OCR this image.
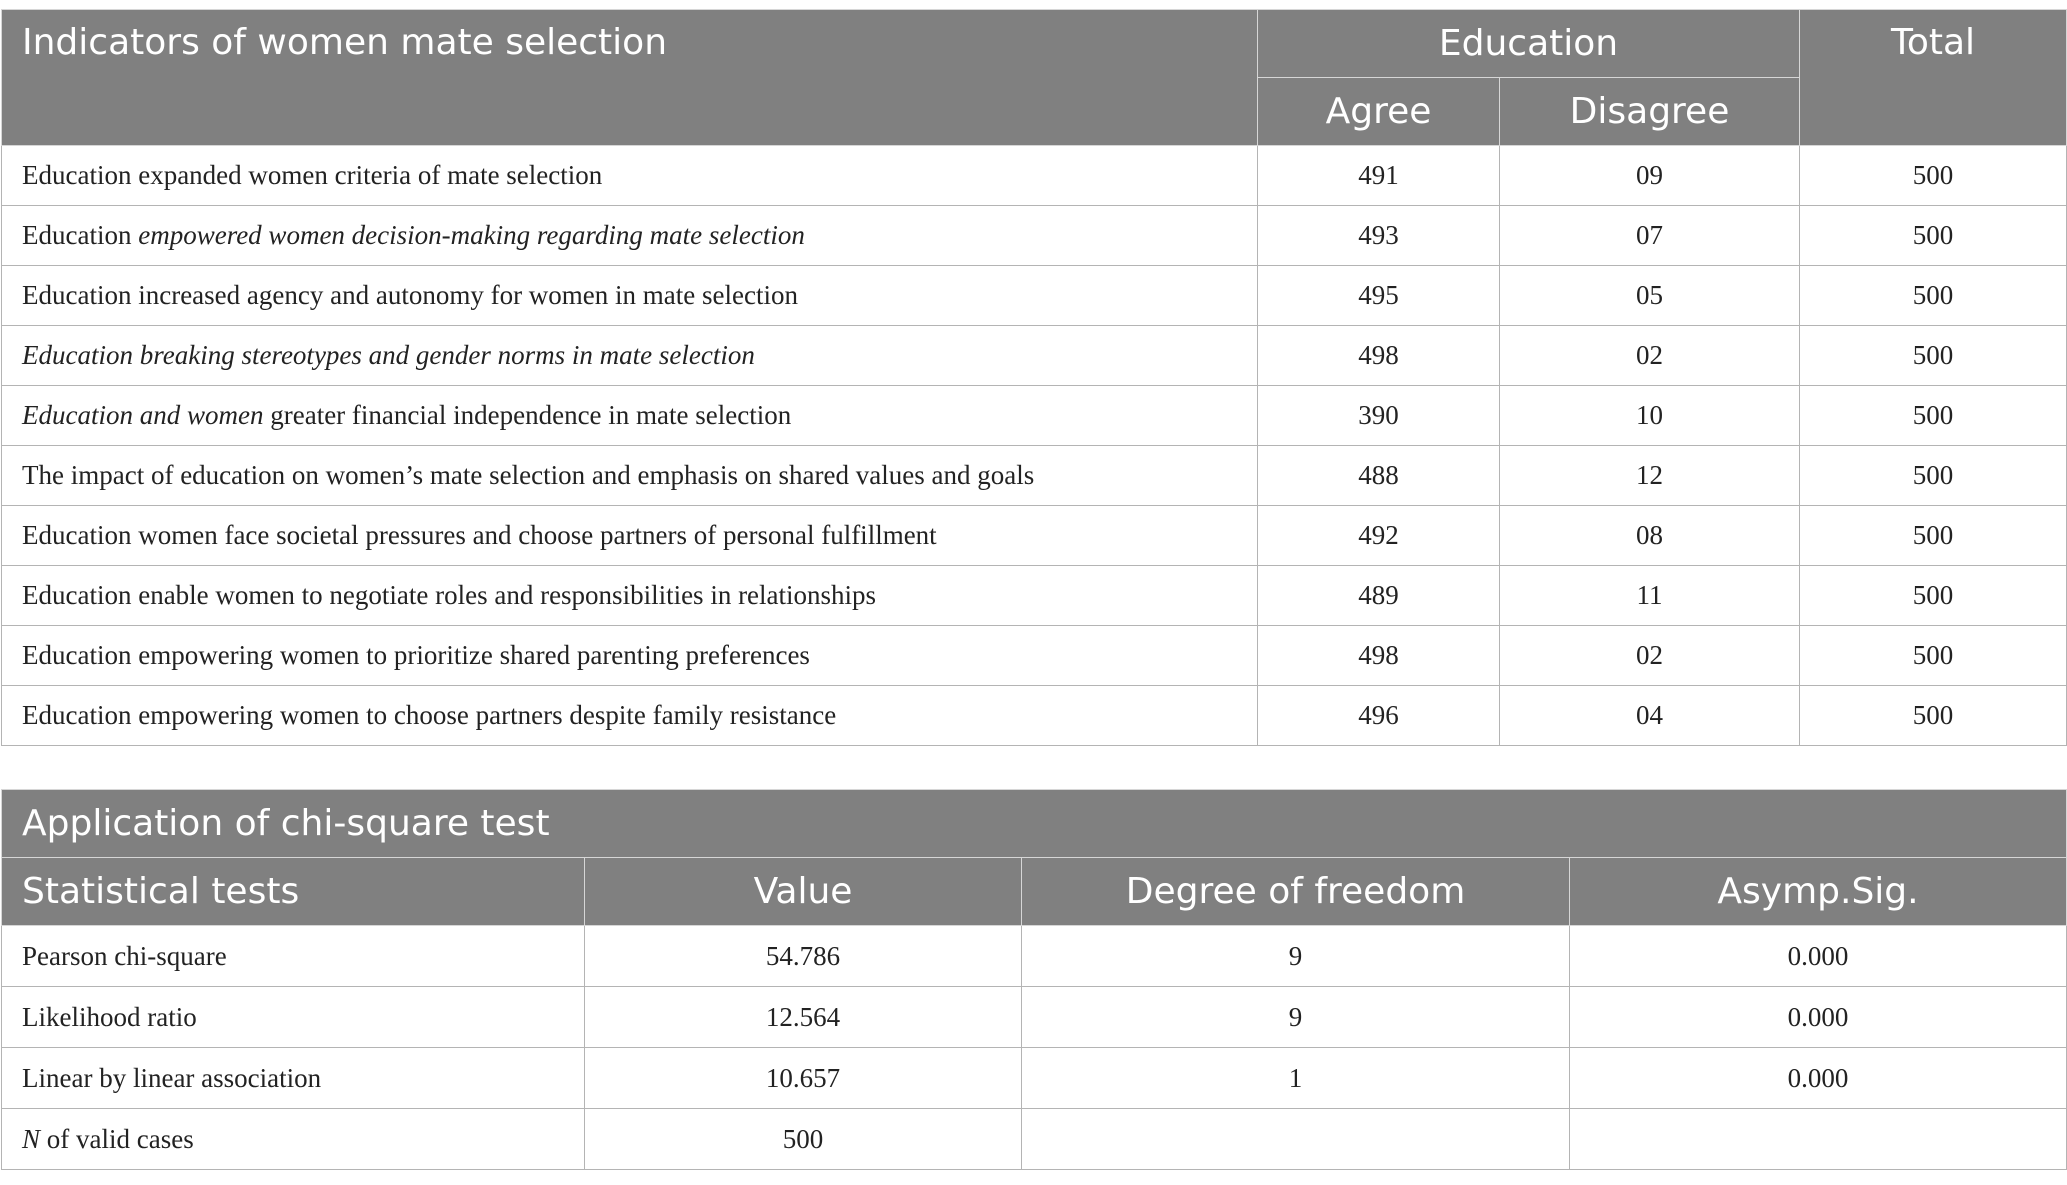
Indicators of women mate selection	Education		Total
	Agree	Disagree	
Education expanded women criteria of mate selection	491	09	500
Education empowered women decision-making regarding mate selection	493	07	500
Education increased agency and autonomy for women in mate selection	495	05	500
Education breaking stereotypes and gender norms in mate selection	498	02	500
Education and women greater financial independence in mate selection	390	10	500
The impact of education on women’s mate selection and emphasis on shared values and goals	488	12	500
Education women face societal pressures and choose partners of personal fulfillment	492	08	500
Education enable women to negotiate roles and responsibilities in relationships	489	11	500
Education empowering women to prioritize shared parenting preferences	498	02	500
Education empowering women to choose partners despite family resistance	496	04	500
Application of chi-square test			
Statistical tests	Value	Degree of freedom	Asymp.Sig.
Pearson chi-square	54.786	9	0.000
Likelihood ratio	12.564	9	0.000
Linear by linear association	10.657	1	0.000
N of valid cases	500		
